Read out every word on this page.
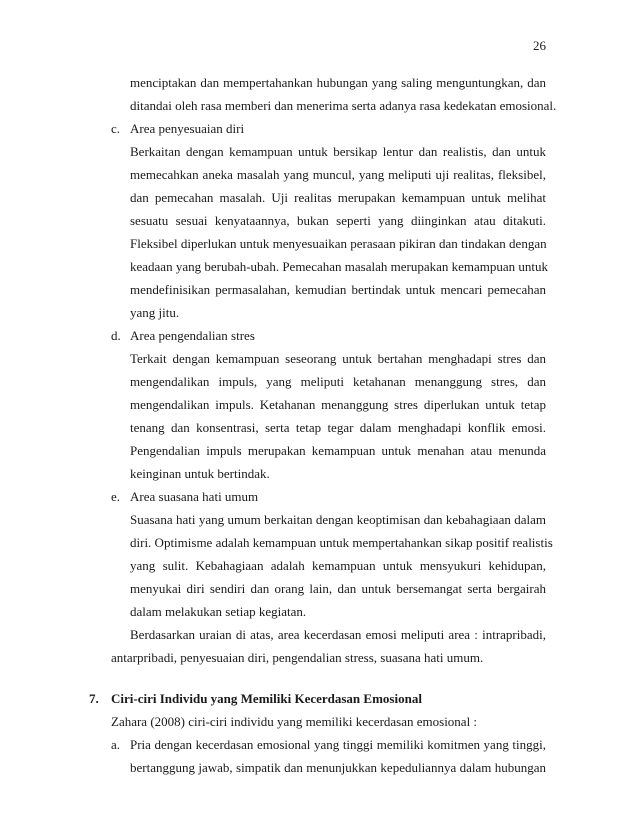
26
menciptakan dan mempertahankan hubungan yang saling menguntungkan, dan
ditandai oleh rasa memberi dan menerima serta adanya rasa kedekatan emosional.
c. Area penyesuaian diri
Berkaitan dengan kemampuan untuk bersikap lentur dan realistis, dan untuk
memecahkan aneka masalah yang muncul, yang meliputi uji realitas, fleksibel,
dan pemecahan masalah. Uji realitas merupakan kemampuan untuk melihat
sesuatu sesuai kenyataannya, bukan seperti yang diinginkan atau ditakuti.
Fleksibel diperlukan untuk menyesuaikan perasaan pikiran dan tindakan dengan
keadaan yang berubah-ubah. Pemecahan masalah merupakan kemampuan untuk
mendefinisikan permasalahan, kemudian bertindak untuk mencari pemecahan
yang jitu.
d. Area pengendalian stres
Terkait dengan kemampuan seseorang untuk bertahan menghadapi stres dan
mengendalikan impuls, yang meliputi ketahanan menanggung stres, dan
mengendalikan impuls. Ketahanan menanggung stres diperlukan untuk tetap
tenang dan konsentrasi, serta tetap tegar dalam menghadapi konflik emosi.
Pengendalian impuls merupakan kemampuan untuk menahan atau menunda
keinginan untuk bertindak.
e. Area suasana hati umum
Suasana hati yang umum berkaitan dengan keoptimisan dan kebahagiaan dalam
diri. Optimisme adalah kemampuan untuk mempertahankan sikap positif realistis
yang sulit. Kebahagiaan adalah kemampuan untuk mensyukuri kehidupan,
menyukai diri sendiri dan orang lain, dan untuk bersemangat serta bergairah
dalam melakukan setiap kegiatan.
Berdasarkan uraian di atas, area kecerdasan emosi meliputi area : intrapribadi,
antarpribadi, penyesuaian diri, pengendalian stress, suasana hati umum.
7. Ciri-ciri Individu yang Memiliki Kecerdasan Emosional
Zahara (2008) ciri-ciri individu yang memiliki kecerdasan emosional :
a. Pria dengan kecerdasan emosional yang tinggi memiliki komitmen yang tinggi,
bertanggung jawab, simpatik dan menunjukkan kepeduliannya dalam hubungan
